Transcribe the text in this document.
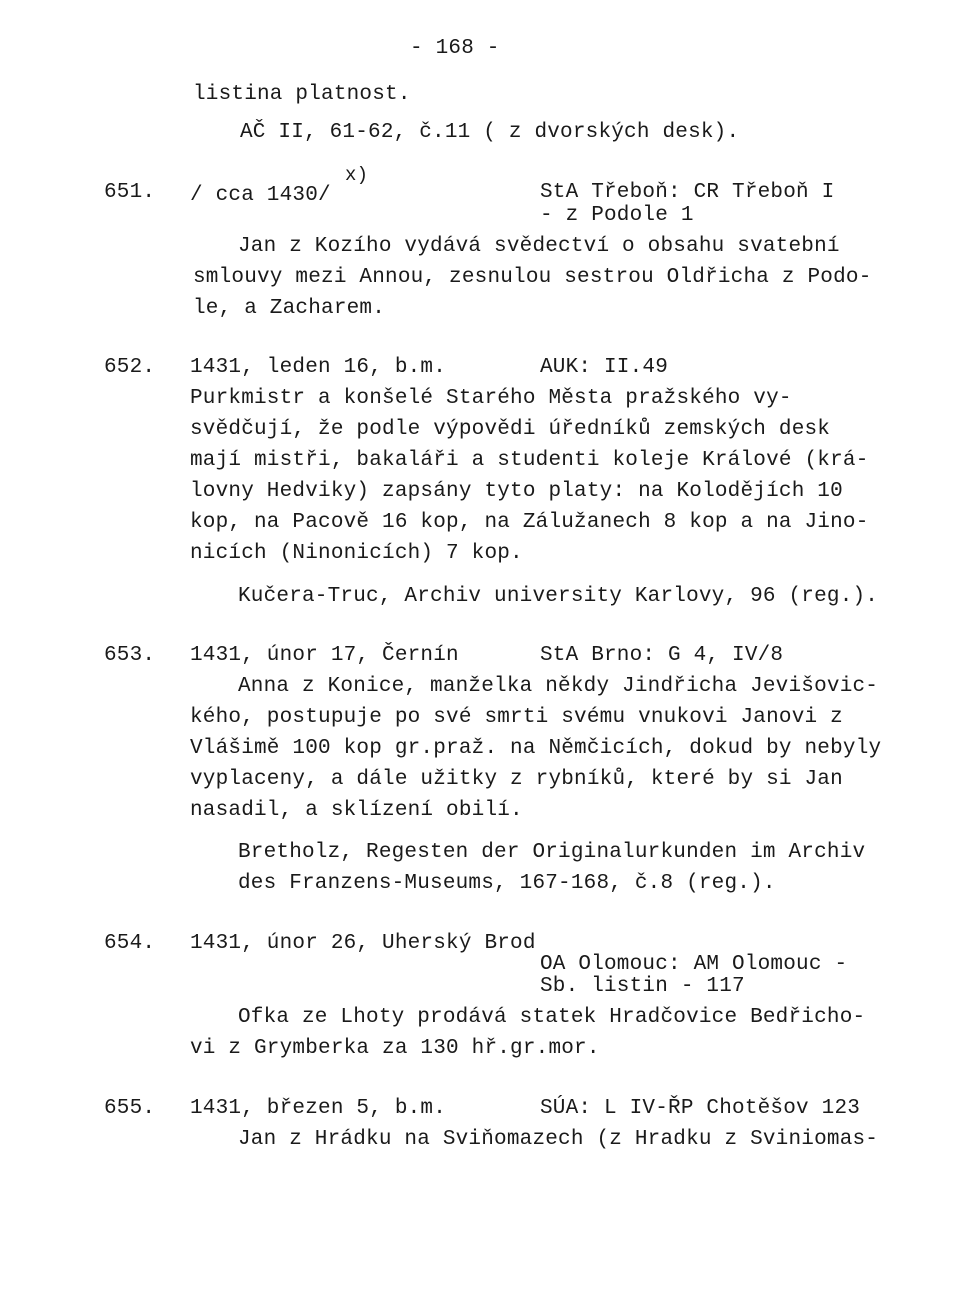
- 168 -
listina platnost.
AČ II, 61-62, č.11 ( z dvorských desk).
651. / cca 1430/
x)
StA Třeboň: CR Třeboň I
- z Podole 1
Jan z Kozího vydává svědectví o obsahu svatební
smlouvy mezi Annou, zesnulou sestrou Oldřicha z Podo-
le, a Zacharem.
652. 1431, leden 16, b.m.	AUK: II.49
Purkmistr a konšelé Starého Města pražského vy-
svědčují, že podle výpovědi úředníků zemských desk
mají mistři, bakaláři a studenti koleje Králové (krá-
lovny Hedviky) zapsány tyto platy: na Kolodějích 10
kop, na Pacově 16 kop, na Zálužanech 8 kop a na Jino-
nicích (Ninonicích) 7 kop.
Kučera-Truc, Archiv university Karlovy, 96 (reg.).
653. 1431, únor 17, Černín	StA Brno: G 4, IV/8
Anna z Konice, manželka někdy Jindřicha Jevišovic-
kého, postupuje po své smrti svému vnukovi Janovi z
Vlášimě 100 kop gr.praž. na Němčicích, dokud by nebyly
vyplaceny, a dále užitky z rybníků, které by si Jan
nasadil, a sklízení obilí.
Bretholz, Regesten der Originalurkunden im Archiv
des Franzens-Museums, 167-168, č.8 (reg.).
654. 1431, únor 26, Uherský Brod
OA Olomouc: AM Olomouc -
Sb. listin - 117
Ofka ze Lhoty prodává statek Hradčovice Bedřicho-
vi z Grymberka za 130 hř.gr.mor.
655. 1431, březen 5, b.m.	SÚA: L IV-ŘP Chotěšov 123
Jan z Hrádku na Sviňomazech (z Hradku z Sviniomas-
